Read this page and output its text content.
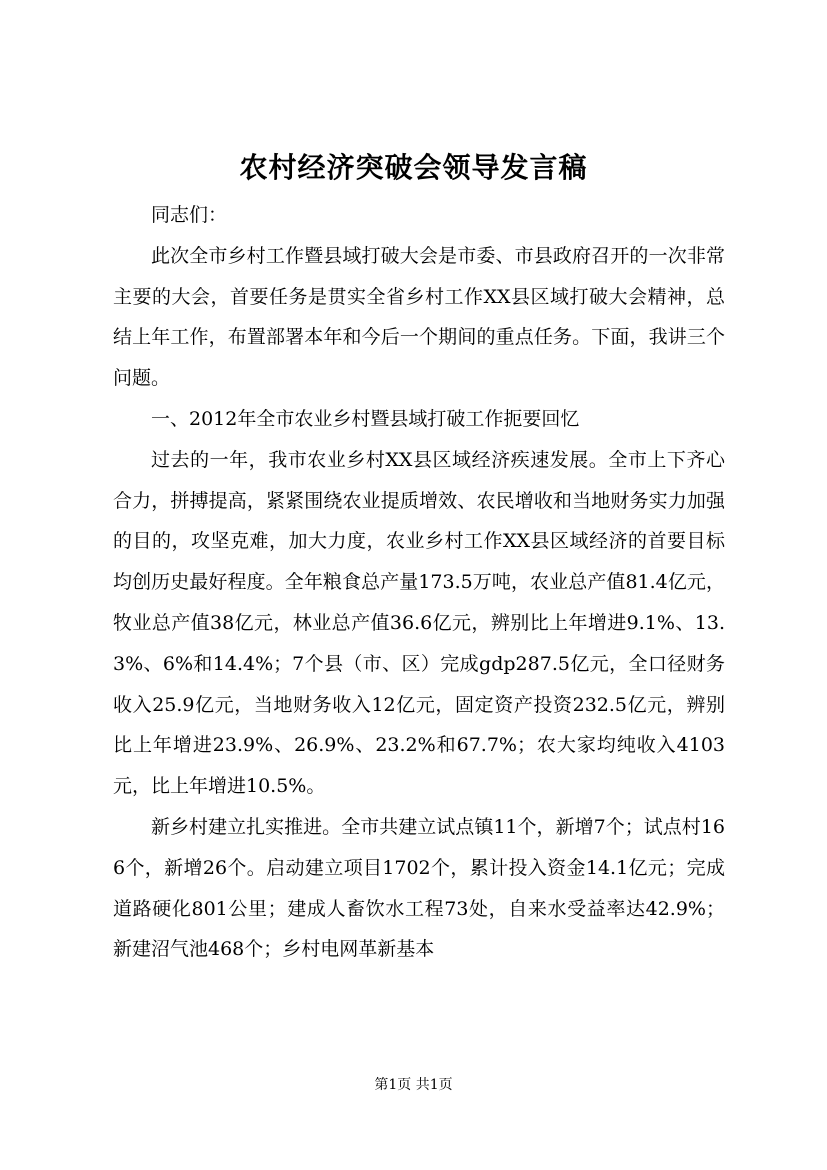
农村经济突破会领导发言稿

同志们：

此次全市乡村工作暨县域打破大会是市委、市县政府召开的一次非常主要的大会，首要任务是贯实全省乡村工作XX县区域打破大会精神，总结上年工作，布置部署本年和今后一个期间的重点任务。下面，我讲三个问题。

一、2012年全市农业乡村暨县域打破工作扼要回忆

过去的一年，我市农业乡村XX县区域经济疾速发展。全市上下齐心合力，拼搏提高，紧紧围绕农业提质增效、农民增收和当地财务实力加强的目的，攻坚克难，加大力度，农业乡村工作XX县区域经济的首要目标均创历史最好程度。全年粮食总产量173.5万吨，农业总产值81.4亿元，牧业总产值38亿元，林业总产值36.6亿元，辨别比上年增进9.1%、13.3%、6%和14.4%；7个县（市、区）完成gdp287.5亿元，全口径财务收入25.9亿元，当地财务收入12亿元，固定资产投资232.5亿元，辨别比上年增进23.9%、26.9%、23.2%和67.7%；农大家均纯收入4103元，比上年增进10.5%。

新乡村建立扎实推进。全市共建立试点镇11个，新增7个；试点村166个，新增26个。启动建立项目1702个，累计投入资金14.1亿元；完成道路硬化801公里；建成人畜饮水工程73处，自来水受益率达42.9%；新建沼气池468个；乡村电网革新基本

第1页 共1页
